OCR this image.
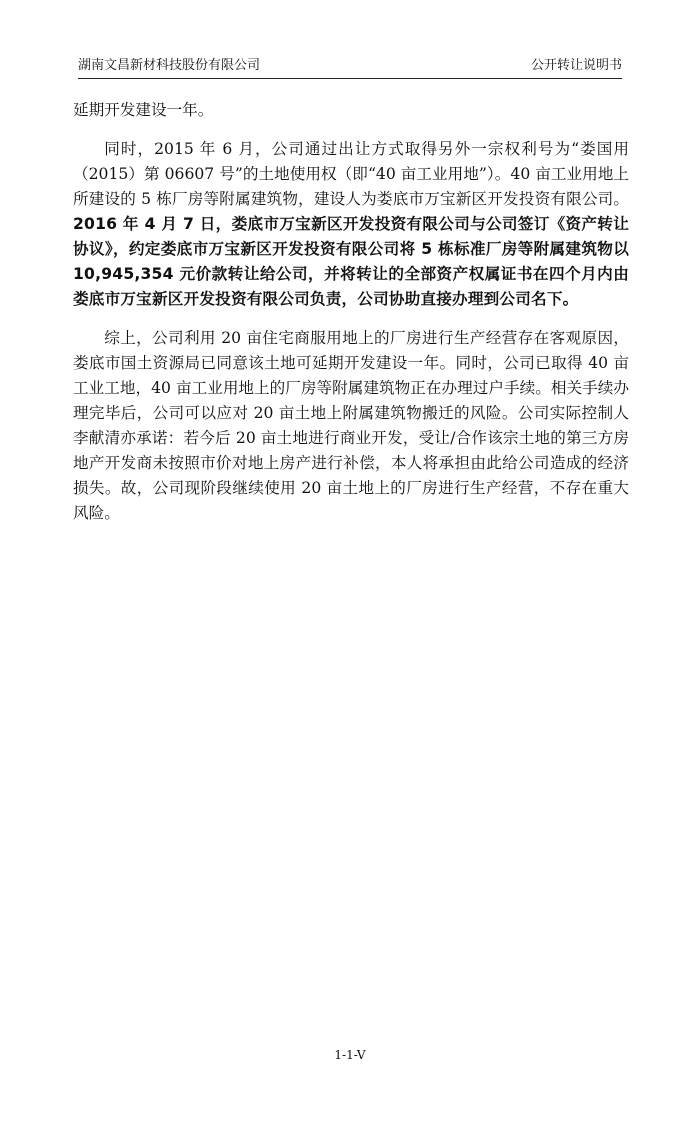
湖南文昌新材科技股份有限公司	公开转让说明书

延期开发建设一年。

同时，2015 年 6 月，公司通过出让方式取得另外一宗权利号为“娄国用（2015）第 06607 号”的土地使用权（即“40 亩工业用地”）。40 亩工业用地上所建设的 5 栋厂房等附属建筑物，建设人为娄底市万宝新区开发投资有限公司。2016 年 4 月 7 日，娄底市万宝新区开发投资有限公司与公司签订《资产转让协议》，约定娄底市万宝新区开发投资有限公司将 5 栋标准厂房等附属建筑物以 10,945,354 元价款转让给公司，并将转让的全部资产权属证书在四个月内由娄底市万宝新区开发投资有限公司负责，公司协助直接办理到公司名下。

综上，公司利用 20 亩住宅商服用地上的厂房进行生产经营存在客观原因，娄底市国土资源局已同意该土地可延期开发建设一年。同时，公司已取得 40 亩工业工地，40 亩工业用地上的厂房等附属建筑物正在办理过户手续。相关手续办理完毕后，公司可以应对 20 亩土地上附属建筑物搬迁的风险。公司实际控制人李献清亦承诺：若今后 20 亩土地进行商业开发，受让/合作该宗土地的第三方房地产开发商未按照市价对地上房产进行补偿，本人将承担由此给公司造成的经济损失。故，公司现阶段继续使用 20 亩土地上的厂房进行生产经营，不存在重大风险。

1-1-V
